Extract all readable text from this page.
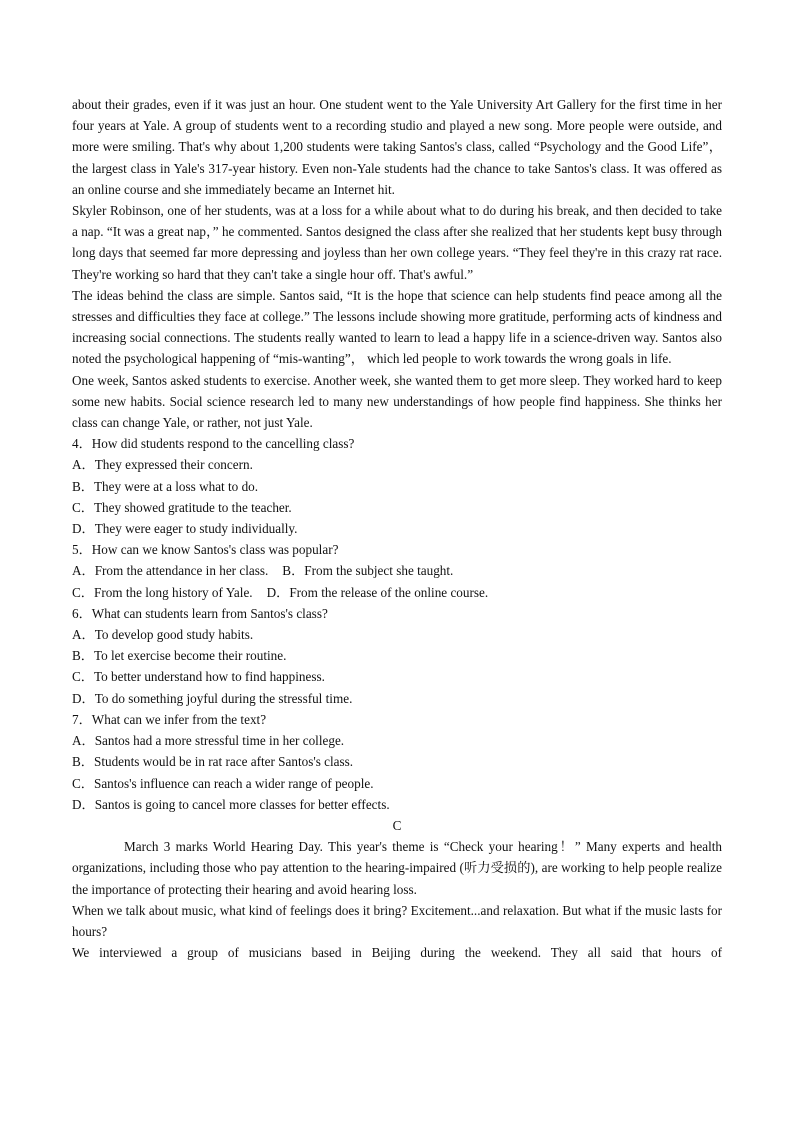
about their grades, even if it was just an hour. One student went to the Yale University Art Gallery for the first time in her four years at Yale. A group of students went to a recording studio and played a new song. More people were outside, and more were smiling. That's why about 1,200 students were taking Santos's class, called “Psychology and the Good Life”， the largest class in Yale's 317-year history. Even non-Yale students had the chance to take Santos's class. It was offered as an online course and she immediately became an Internet hit.

Skyler Robinson, one of her students, was at a loss for a while about what to do during his break, and then decided to take a nap. “It was a great nap，” he commented. Santos designed the class after she realized that her students kept busy through long days that seemed far more depressing and joyless than her own college years. “They feel they're in this crazy rat race. They're working so hard that they can't take a single hour off. That's awful.”

The ideas behind the class are simple. Santos said, “It is the hope that science can help students find peace among all the stresses and difficulties they face at college.” The lessons include showing more gratitude, performing acts of kindness and increasing social connections. The students really wanted to learn to lead a happy life in a science-driven way. Santos also noted the psychological happening of “mis-wanting”， which led people to work towards the wrong goals in life.

One week, Santos asked students to exercise. Another week, she wanted them to get more sleep. They worked hard to keep some new habits. Social science research led to many new understandings of how people find happiness. She thinks her class can change Yale, or rather, not just Yale.

4．How did students respond to the cancelling class?

A．They expressed their concern.

B．They were at a loss what to do.

C．They showed gratitude to the teacher.

D．They were eager to study individually.

5．How can we know Santos's class was popular?

A．From the attendance in her class. B．From the subject she taught.

C．From the long history of Yale. D．From the release of the online course.

6．What can students learn from Santos's class?

A．To develop good study habits.

B．To let exercise become their routine.

C．To better understand how to find happiness.

D．To do something joyful during the stressful time.

7．What can we infer from the text?

A．Santos had a more stressful time in her college.

B．Students would be in rat race after Santos's class.

C．Santos's influence can reach a wider range of people.

D．Santos is going to cancel more classes for better effects.

C

March 3 marks World Hearing Day. This year's theme is “Check your hearing！” Many experts and health organizations, including those who pay attention to the hearing-impaired (听力受损的), are working to help people realize the importance of protecting their hearing and avoid hearing loss.

When we talk about music, what kind of feelings does it bring? Excitement...and relaxation. But what if the music lasts for hours?

We interviewed a group of musicians based in Beijing during the weekend. They all said that hours of
